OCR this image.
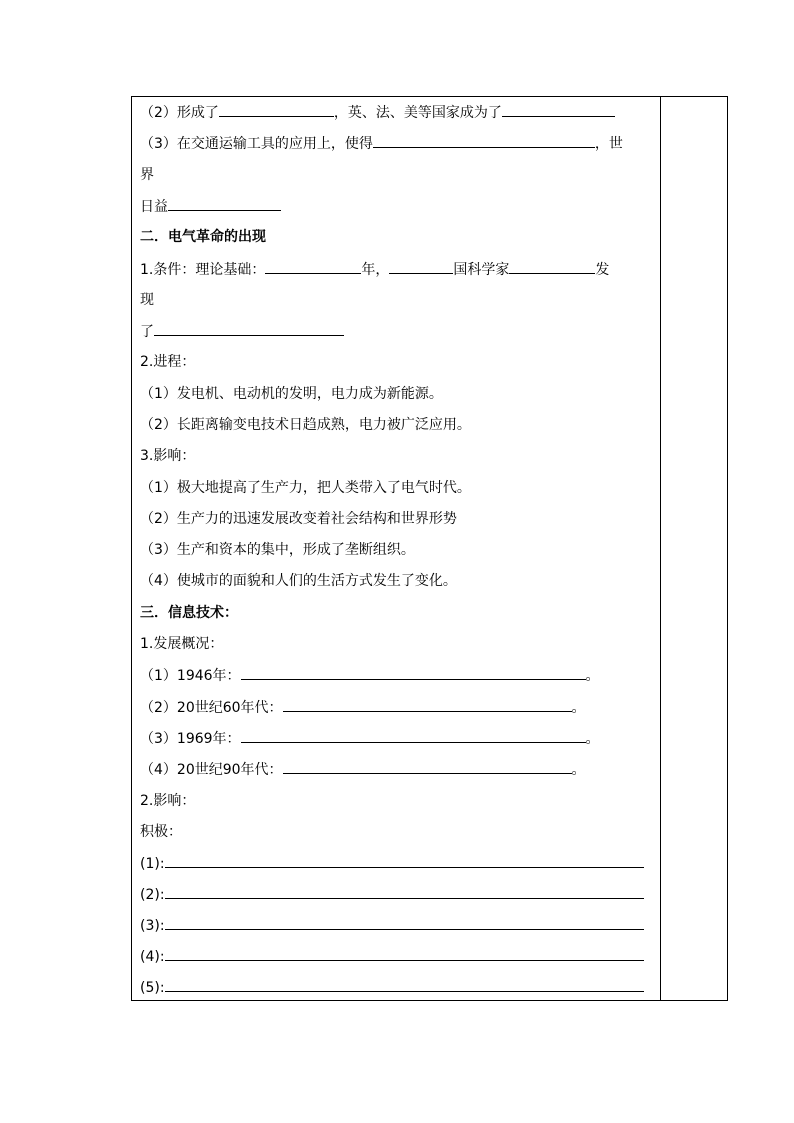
（2）形成了	，英、法、美等国家成为了
（3）在交通运输工具的应用上，使得	，世
界
日益
二．电气革命的出现
1.条件：理论基础：	年，	国科学家	发
现
了
2.进程：
（1）发电机、电动机的发明，电力成为新能源。
（2）长距离输变电技术日趋成熟，电力被广泛应用。
3.影响：
（1）极大地提高了生产力，把人类带入了电气时代。
（2）生产力的迅速发展改变着社会结构和世界形势
（3）生产和资本的集中，形成了垄断组织。
（4）使城市的面貌和人们的生活方式发生了变化。
三．信息技术：
1.发展概况：
（1）1946年：	。
（2）20世纪60年代：	。
（3）1969年：	。
（4）20世纪90年代：	。
2.影响：
积极：
(1):
(2):
(3):
(4):
(5):
